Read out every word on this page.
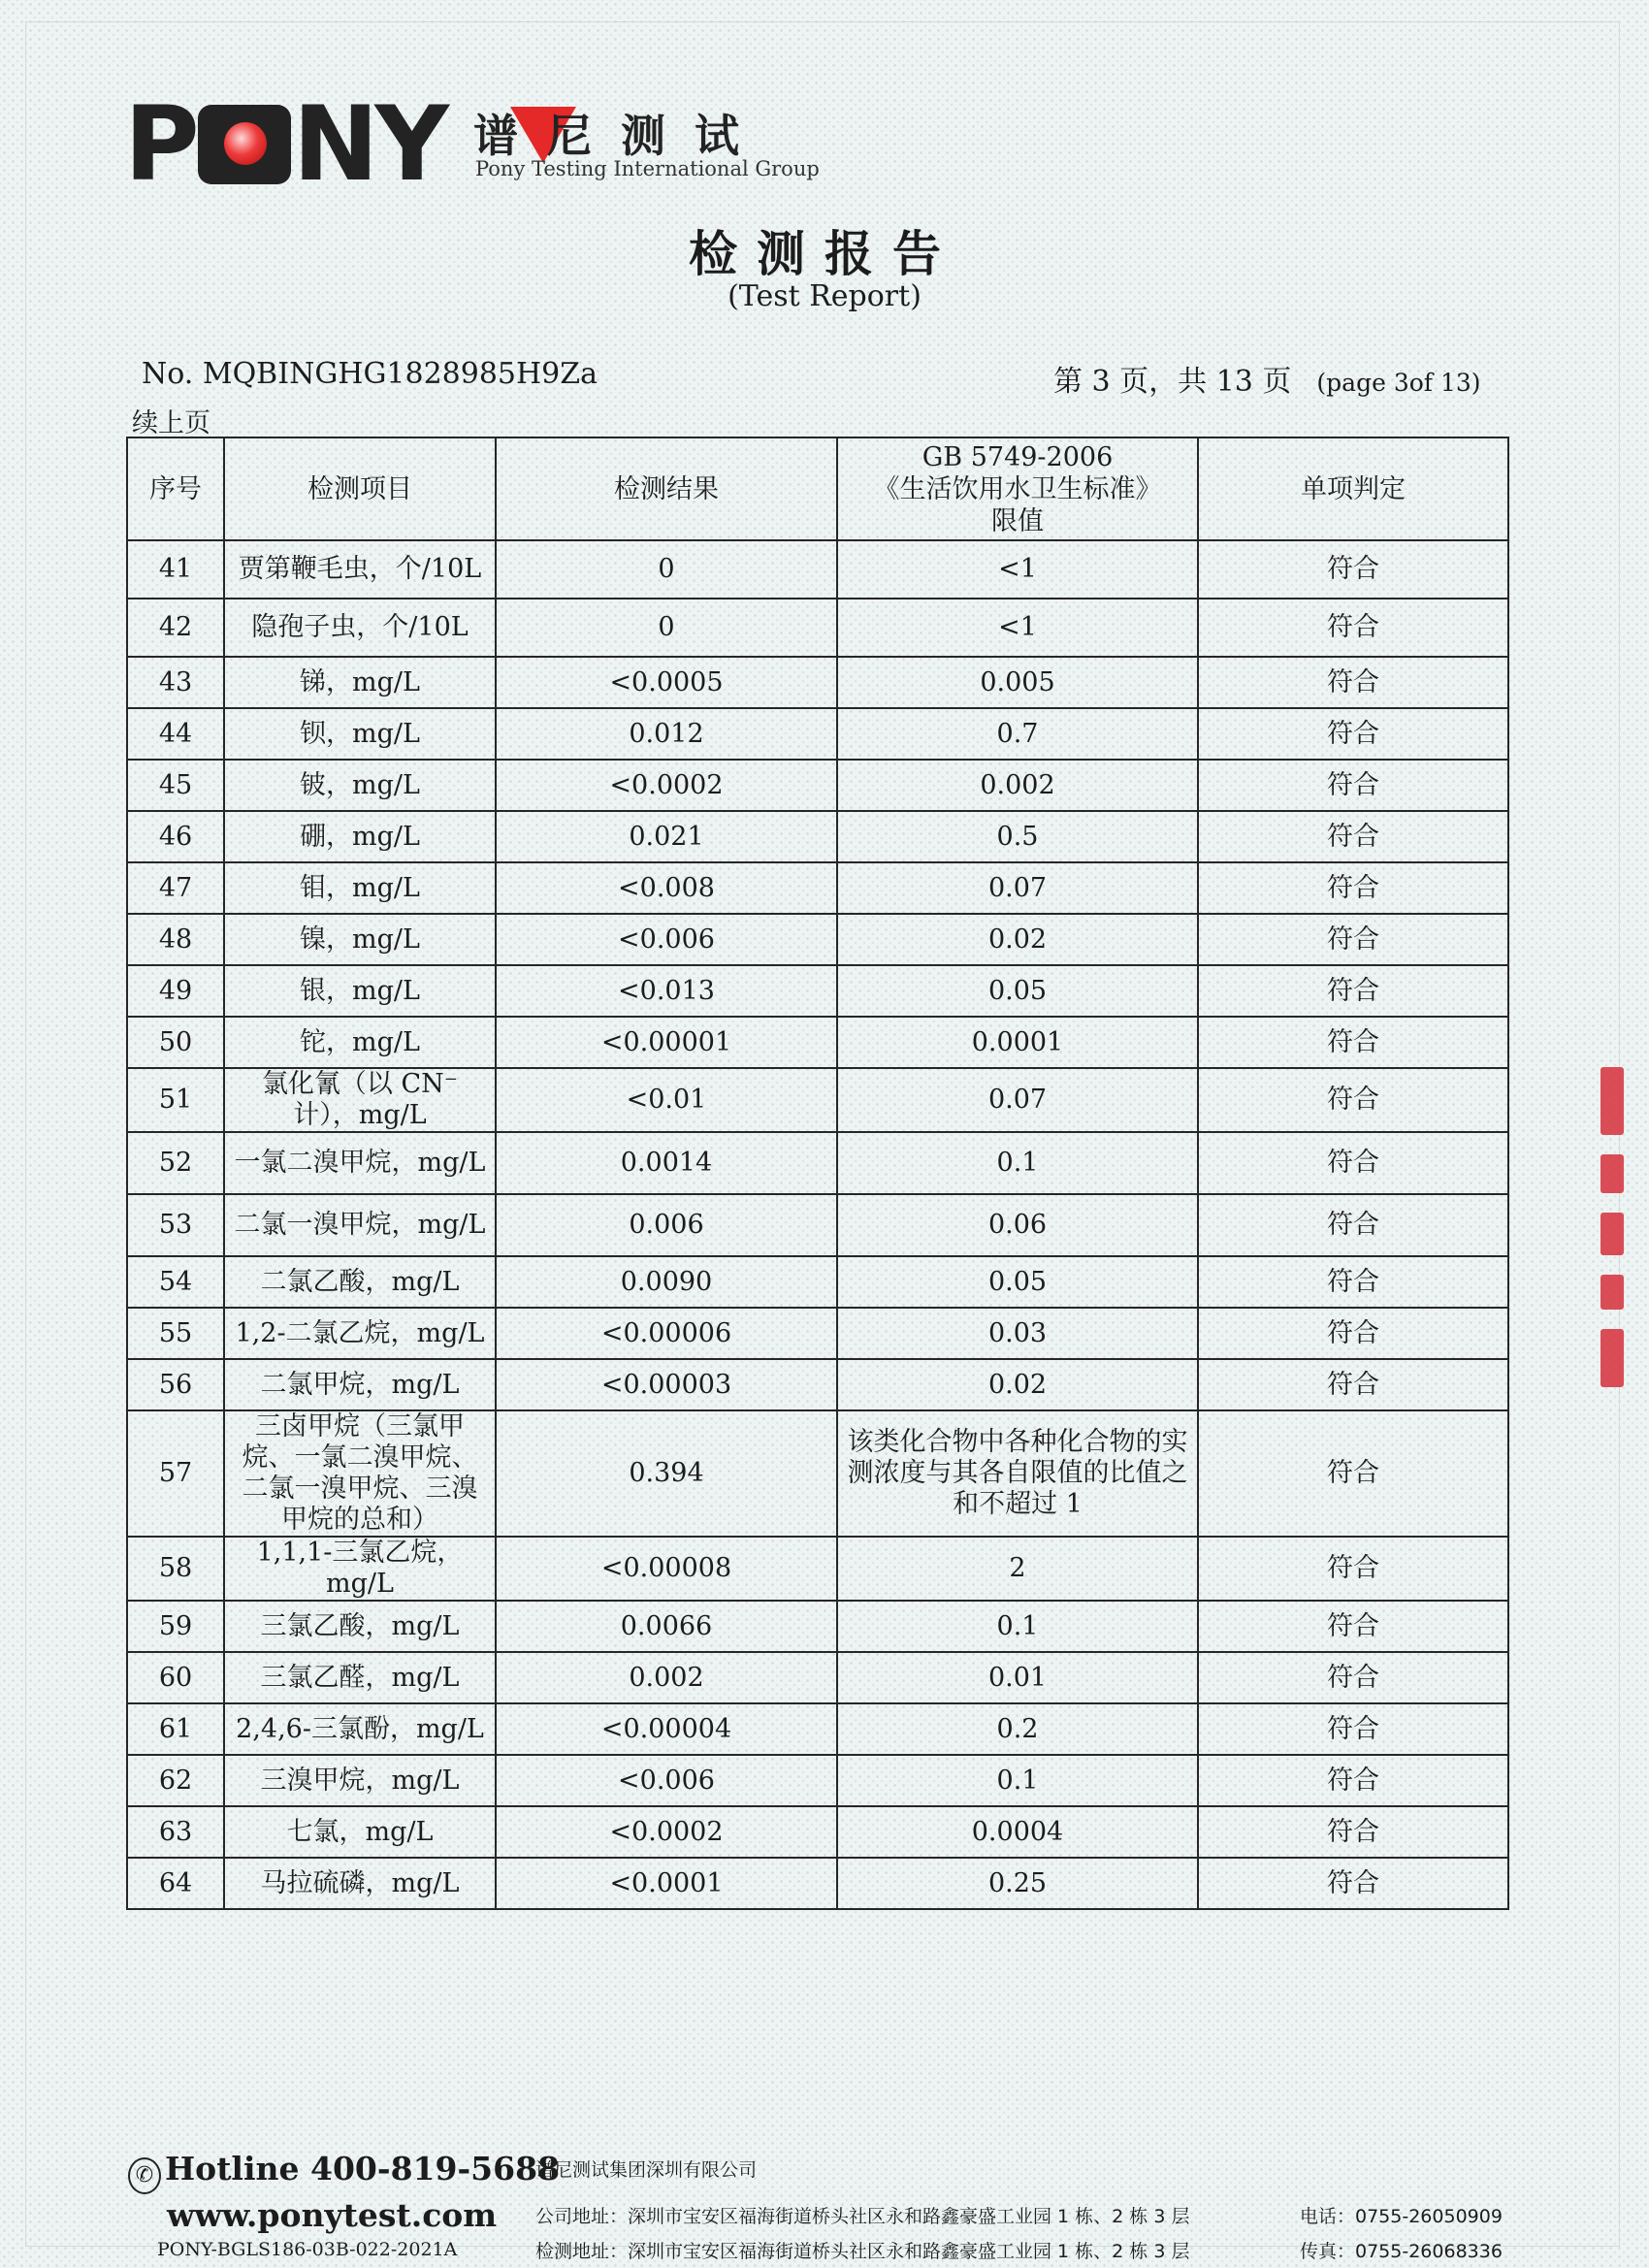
P NY 谱尼测试
Pony Testing International Group
检测报告
(Test Report)
No. MQBINGHG1828985H9Za	第 3 页，共 13 页 (page 3of 13)
续上页
序号	检测项目	检测结果	GB 5749-2006
《生活饮用水卫生标准》
限值	单项判定
41	贾第鞭毛虫，个/10L	0	<1	符合
42	隐孢子虫，个/10L	0	<1	符合
43	锑，mg/L	<0.0005	0.005	符合
44	钡，mg/L	0.012	0.7	符合
45	铍，mg/L	<0.0002	0.002	符合
46	硼，mg/L	0.021	0.5	符合
47	钼，mg/L	<0.008	0.07	符合
48	镍，mg/L	<0.006	0.02	符合
49	银，mg/L	<0.013	0.05	符合
50	铊，mg/L	<0.00001	0.0001	符合
51	氯化氰（以 CN⁻计），mg/L	<0.01	0.07	符合
52	一氯二溴甲烷，mg/L	0.0014	0.1	符合
53	二氯一溴甲烷，mg/L	0.006	0.06	符合
54	二氯乙酸，mg/L	0.0090	0.05	符合
55	1,2-二氯乙烷，mg/L	<0.00006	0.03	符合
56	二氯甲烷，mg/L	<0.00003	0.02	符合
57	三卤甲烷（三氯甲烷、一氯二溴甲烷、二氯一溴甲烷、三溴甲烷的总和）	0.394	该类化合物中各种化合物的实测浓度与其各自限值的比值之和不超过 1	符合
58	1,1,1-三氯乙烷，mg/L	<0.00008	2	符合
59	三氯乙酸，mg/L	0.0066	0.1	符合
60	三氯乙醛，mg/L	0.002	0.01	符合
61	2,4,6-三氯酚，mg/L	<0.00004	0.2	符合
62	三溴甲烷，mg/L	<0.006	0.1	符合
63	七氯，mg/L	<0.0002	0.0004	符合
64	马拉硫磷，mg/L	<0.0001	0.25	符合
✆ Hotline 400-819-5688
www.ponytest.com
PONY-BGLS186-03B-022-2021A
谱尼测试集团深圳有限公司
公司地址：深圳市宝安区福海街道桥头社区永和路鑫豪盛工业园 1 栋、2 栋 3 层
检测地址：深圳市宝安区福海街道桥头社区永和路鑫豪盛工业园 1 栋、2 栋 3 层
电话：0755-26050909
传真：0755-26068336
